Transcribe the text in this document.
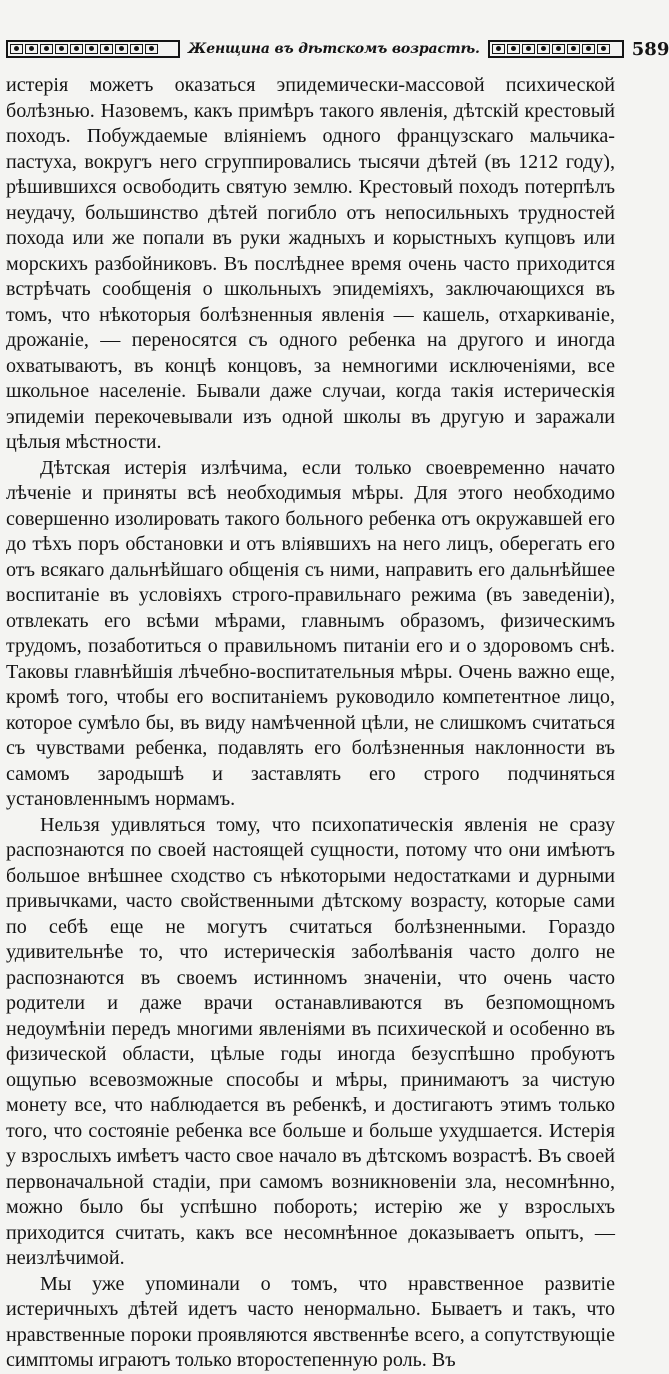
Женщина въ дѣтскомъ возрастѣ.	589

истерія можетъ оказаться эпидемически-массовой психической болѣзнью. Назовемъ, какъ примѣръ такого явленія, дѣтскій крестовый походъ. Побуждаемые вліяніемъ одного французскаго мальчика-пастуха, вокругъ него сгруппировались тысячи дѣтей (въ 1212 году), рѣшившихся освободить святую землю. Крестовый походъ потерпѣлъ неудачу, большинство дѣтей погибло отъ непосильныхъ трудностей похода или же попали въ руки жадныхъ и корыстныхъ купцовъ или морскихъ разбойниковъ. Въ послѣднее время очень часто приходится встрѣчать сообщенія о школьныхъ эпидеміяхъ, заключающихся въ томъ, что нѣкоторыя болѣзненныя явленія — кашель, отхаркиваніе, дрожаніе, — переносятся съ одного ребенка на другого и иногда охватываютъ, въ концѣ концовъ, за немногими исключеніями, все школьное населеніе. Бывали даже случаи, когда такія истерическія эпидеміи перекочевывали изъ одной школы въ другую и заражали цѣлыя мѣстности.

Дѣтская истерія излѣчима, если только своевременно начато лѣченіе и приняты всѣ необходимыя мѣры. Для этого необходимо совершенно изолировать такого больного ребенка отъ окружавшей его до тѣхъ поръ обстановки и отъ вліявшихъ на него лицъ, оберегать его отъ всякаго дальнѣйшаго общенія съ ними, направить его дальнѣйшее воспитаніе въ условіяхъ строго-правильнаго режима (въ заведеніи), отвлекать его всѣми мѣрами, главнымъ образомъ, физическимъ трудомъ, позаботиться о правильномъ питаніи его и о здоровомъ снѣ. Таковы главнѣйшія лѣчебно-воспитательныя мѣры. Очень важно еще, кромѣ того, чтобы его воспитаніемъ руководило компетентное лицо, которое сумѣло бы, въ виду намѣченной цѣли, не слишкомъ считаться съ чувствами ребенка, подавлять его болѣзненныя наклонности въ самомъ зародышѣ и заставлять его строго подчиняться установленнымъ нормамъ.

Нельзя удивляться тому, что психопатическія явленія не сразу распознаются по своей настоящей сущности, потому что они имѣютъ большое внѣшнее сходство съ нѣкоторыми недостатками и дурными привычками, часто свойственными дѣтскому возрасту, которые сами по себѣ еще не могутъ считаться болѣзненными. Гораздо удивительнѣе то, что истерическія заболѣванія часто долго не распознаются въ своемъ истинномъ значеніи, что очень часто родители и даже врачи останавливаются въ безпомощномъ недоумѣніи передъ многими явленіями въ психической и особенно въ физической области, цѣлые годы иногда безуспѣшно пробуютъ ощупью всевозможные способы и мѣры, принимаютъ за чистую монету все, что наблюдается въ ребенкѣ, и достигаютъ этимъ только того, что состояніе ребенка все больше и больше ухудшается. Истерія у взрослыхъ имѣетъ часто свое начало въ дѣтскомъ возрастѣ. Въ своей первоначальной стадіи, при самомъ возникновеніи зла, несомнѣнно, можно было бы успѣшно побороть; истерію же у взрослыхъ приходится считать, какъ все несомнѣнное доказываетъ опытъ, — неизлѣчимой.

Мы уже упоминали о томъ, что нравственное развитіе истеричныхъ дѣтей идетъ часто ненормально. Бываетъ и такъ, что нравственные пороки проявляются явственнѣе всего, а сопутствующіе симптомы играютъ только второстепенную роль. Въ
